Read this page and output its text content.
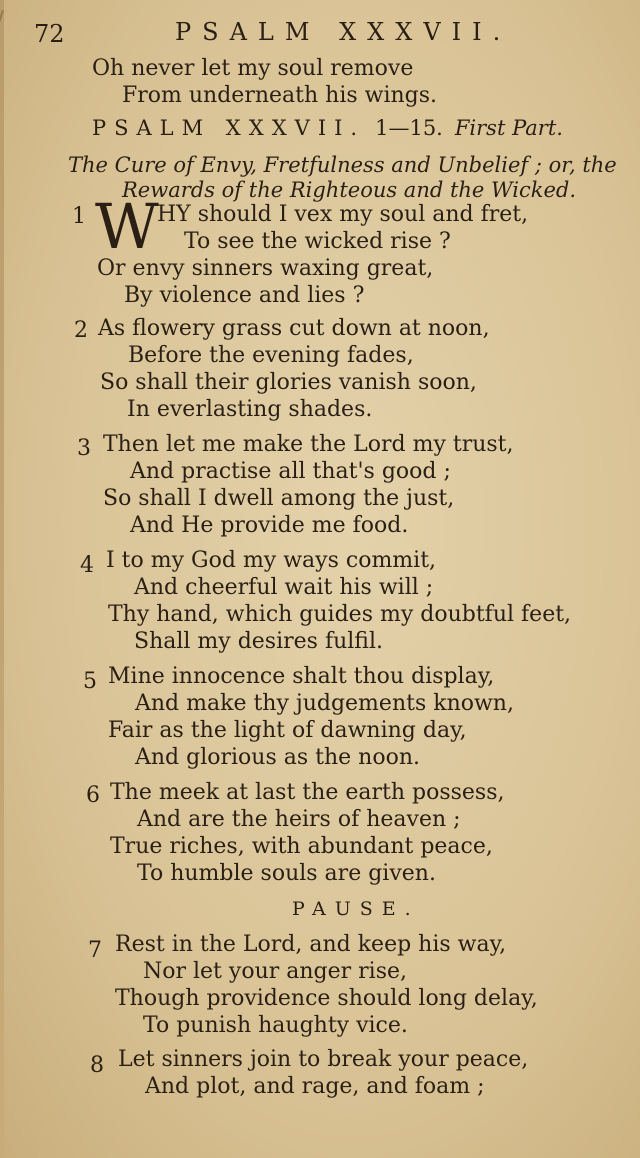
72	PSALM XXXVII.
Oh never let my soul remove
From underneath his wings.
PSALM XXXVII. 1—15. First Part.
The Cure of Envy, Fretfulness and Unbelief ; or, the
Rewards of the Righteous and the Wicked.
1 W
HY should I vex my soul and fret,
To see the wicked rise ?
Or envy sinners waxing great,
By violence and lies ?
2 As flowery grass cut down at noon,
Before the evening fades,
So shall their glories vanish soon,
In everlasting shades.
3 Then let me make the Lord my trust,
And practise all that's good ;
So shall I dwell among the just,
And He provide me food.
4 I to my God my ways commit,
And cheerful wait his will ;
Thy hand, which guides my doubtful feet,
Shall my desires fulfil.
5 Mine innocence shalt thou display,
And make thy judgements known,
Fair as the light of dawning day,
And glorious as the noon.
6 The meek at last the earth possess,
And are the heirs of heaven ;
True riches, with abundant peace,
To humble souls are given.
PAUSE.
7 Rest in the Lord, and keep his way,
Nor let your anger rise,
Though providence should long delay,
To punish haughty vice.
8 Let sinners join to break your peace,
And plot, and rage, and foam ;
